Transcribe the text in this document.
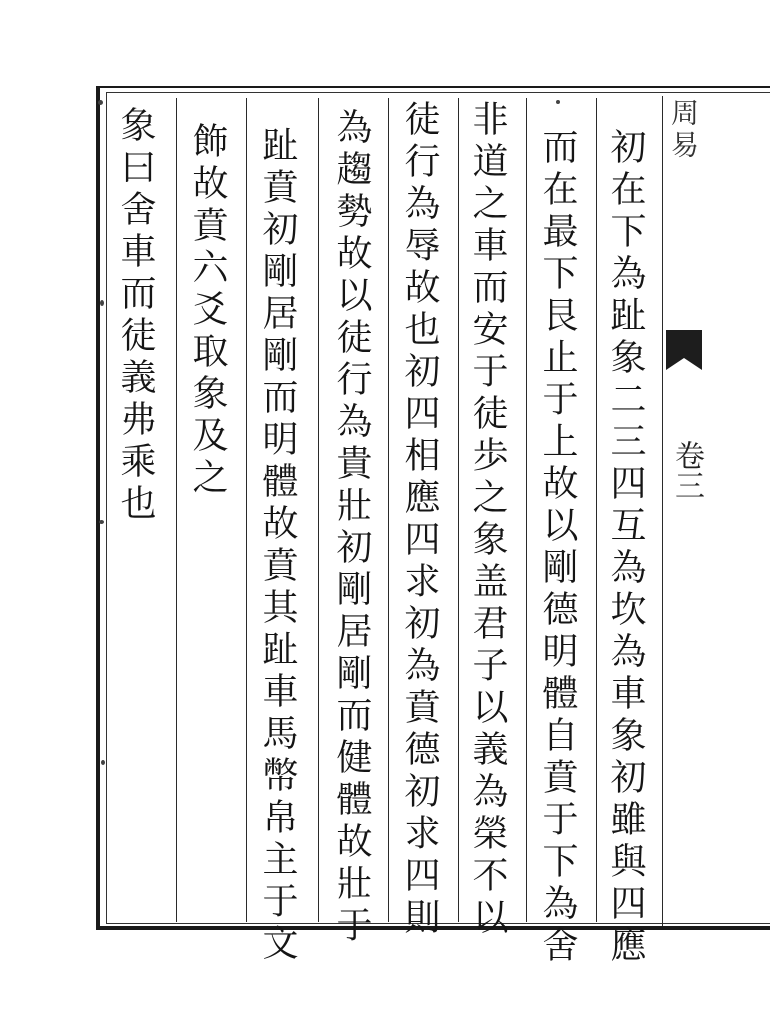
初在下為趾象二三四互為坎為車象初雖與四應
而在最下艮止于上故以剛德明體自賁于下為舍
非道之車而安于徒歩之象盖君子以義為榮不以
徒行為辱故也初四相應四求初為賁德初求四則
為趨勢故以徒行為貴壯初剛居剛而健體故壯于
趾賁初剛居剛而明體故賁其趾車馬幣帛主于文
飾故賁六爻取象及之
象曰舍車而徒義弗乘也	周易
卷三
